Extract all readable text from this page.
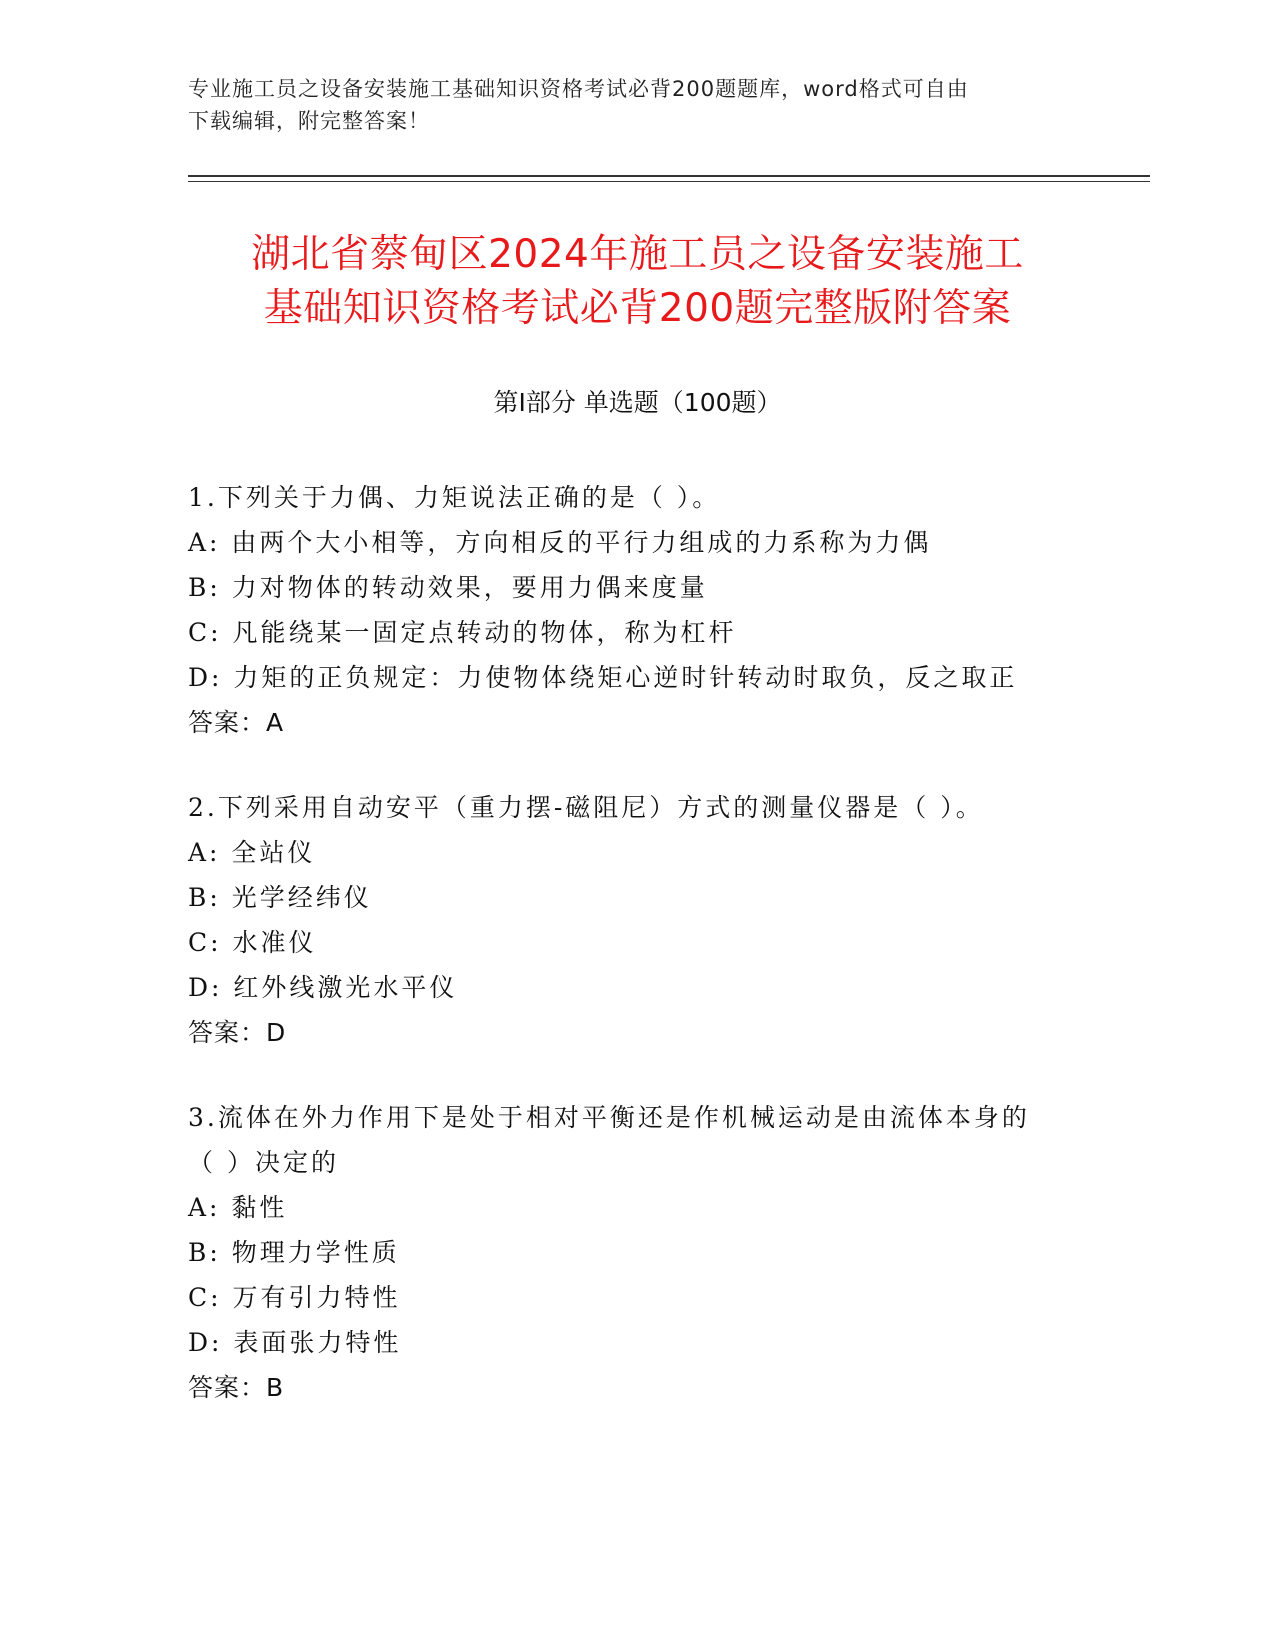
专业施工员之设备安装施工基础知识资格考试必背200题题库，word格式可自由
下载编辑，附完整答案！
湖北省蔡甸区2024年施工员之设备安装施工
基础知识资格考试必背200题完整版附答案
第Ⅰ部分 单选题（100题）
1.下列关于力偶、力矩说法正确的是（ ）。
A: 由两个大小相等，方向相反的平行力组成的力系称为力偶
B: 力对物体的转动效果，要用力偶来度量
C: 凡能绕某一固定点转动的物体，称为杠杆
D: 力矩的正负规定：力使物体绕矩心逆时针转动时取负，反之取正
答案：A
2.下列采用自动安平（重力摆-磁阻尼）方式的测量仪器是（ ）。
A: 全站仪
B: 光学经纬仪
C: 水准仪
D: 红外线激光水平仪
答案：D
3.流体在外力作用下是处于相对平衡还是作机械运动是由流体本身的
（ ）决定的
A: 黏性
B: 物理力学性质
C: 万有引力特性
D: 表面张力特性
答案：B
